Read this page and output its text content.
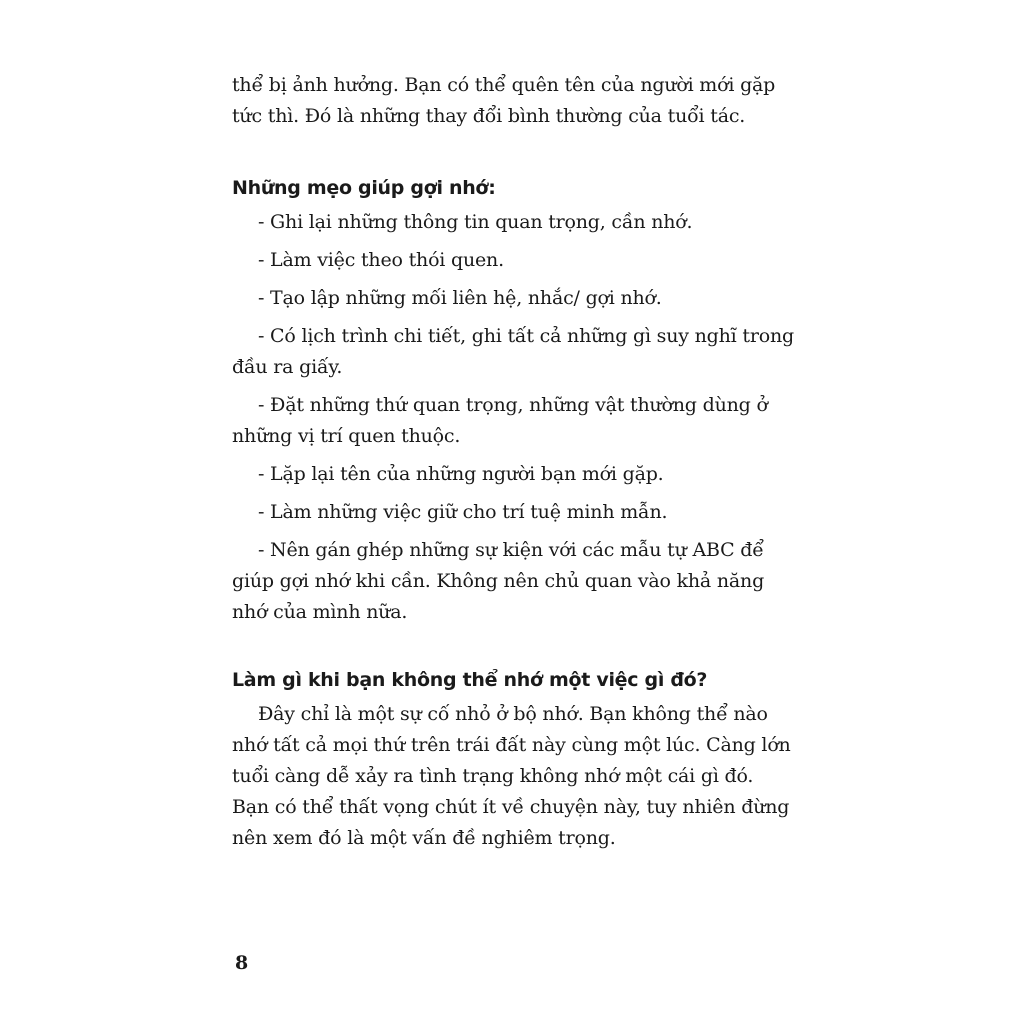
thể bị ảnh hưởng. Bạn có thể quên tên của người mới gặp tức thì. Đó là những thay đổi bình thường của tuổi tác.

Những mẹo giúp gợi nhớ:
- Ghi lại những thông tin quan trọng, cần nhớ.
- Làm việc theo thói quen.
- Tạo lập những mối liên hệ, nhắc/ gợi nhớ.
- Có lịch trình chi tiết, ghi tất cả những gì suy nghĩ trong đầu ra giấy.
- Đặt những thứ quan trọng, những vật thường dùng ở những vị trí quen thuộc.
- Lặp lại tên của những người bạn mới gặp.
- Làm những việc giữ cho trí tuệ minh mẫn.
- Nên gán ghép những sự kiện với các mẫu tự ABC để giúp gợi nhớ khi cần. Không nên chủ quan vào khả năng nhớ của mình nữa.
Làm gì khi bạn không thể nhớ một việc gì đó?

Đây chỉ là một sự cố nhỏ ở bộ nhớ. Bạn không thể nào nhớ tất cả mọi thứ trên trái đất này cùng một lúc. Càng lớn tuổi càng dễ xảy ra tình trạng không nhớ một cái gì đó. Bạn có thể thất vọng chút ít về chuyện này, tuy nhiên đừng nên xem đó là một vấn đề nghiêm trọng.

8
